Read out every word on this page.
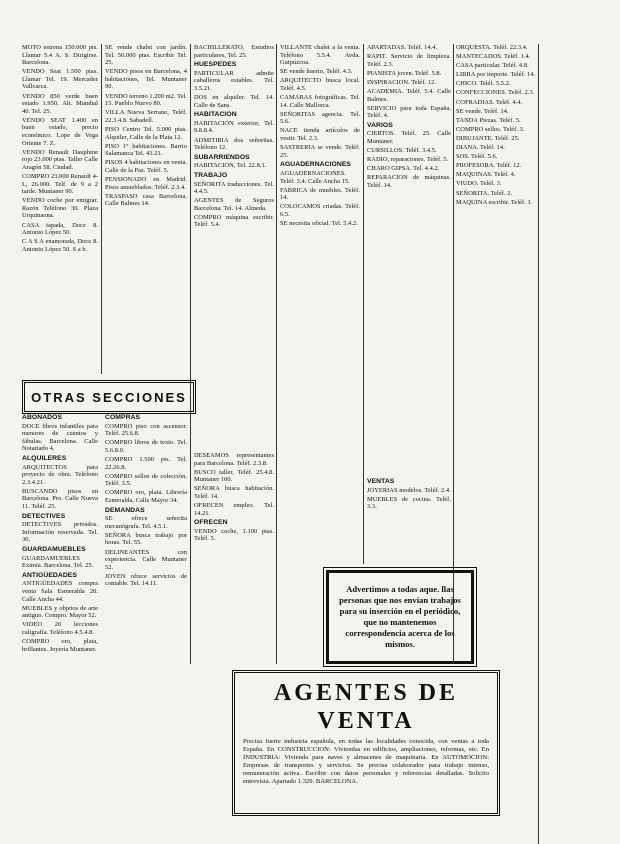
MOTO estrena 150.000 pts. Llamar 5.4 A. S. Dirigirse. Barcelona.

VENDO Seat 1.500 ptas. Llamar Tel. 19. Mercader Vallcarca.

VENDO 850 verde buen estado 1.950. Alt. Mundial 40. Tel. 25.

VENDO SEAT 1.400 en buen estado, precio económico. Lope de Vega Oriente 7. Z.

VENDO Renault Dauphine rojo 23.000 ptas. Taller Calle Aragón 58. Ciudad.

COMPRO 23.000 Renault 4-L, 26.000. Telf. de 9 a 2 tarde. Muntaner 90.

VENDO coche por emigrar. Razón Teléfono 30. Plaza Urquinaona.

CASA tapada, Doce 8. Antonio López 50.

C A S A enamorada, Doce 8. Antonio López 50. S a b.

ABONADOS

DOCE libros infantiles para menores de cuentos y fábulas. Barcelona. Calle Notariado 4.

ALQUILERES

ARQUITECTOS para proyecto de obra. Teléfono 2.3.4.21.

BUSCANDO pisos en Barcelona. Pro. Calle Nueva 11. Teléf. 25.

DETECTIVES

DETECTIVES privados. Información reservada. Tel. 30.

GUARDAMUEBLES

GUARDAMUEBLES Eximia. Barcelona. Tel. 25.

ANTIGÜEDADES

ANTIGÜEDADES compra venta Sala Esmeralda 20. Calle Ancha 44.

MUEBLES y objetos de arte antiguo. Compro. Mayor 52.

VIDEO 20 lecciones caligrafía. Teléfono 4.5.4.8.

COMPRO oro, plata, brillantes. Joyería Muntaner.

SE vende chalet con jardín. Tel. 50.000 ptas. Escribir Tel. 25.

VENDO pisos en Barcelona, 4 habitaciones, Tel. Muntaner 90.

VENDO terreno 1.200 m2. Tel. 15. Pueblo Nuevo 80.

VILLA Nueva Serrano, Teléf. 22.3.4.8. Sabadell.

PISO Centro Tel. 5.000 ptas. Alquiler, Calle de la Plata 12.

PISO 1º habitaciones. Barrio Salamanca Tel. 43.21.

PISOS 4 habitaciones en venta. Calle de la Paz. Teléf. 5.

PENSIONADO en Madrid. Pisos amueblados. Teléf. 2.3.4.

TRASPASO casa Barcelona. Calle Balmes 14.

COMPRAS

COMPRO piso con ascensor. Teléf. 25.6.8.

COMPRO libros de texto. Tel. 5.6.8.0.

COMPRO 1.500 pts. Tel. 22.26.8.

COMPRO sellos de colección. Teléf. 3.5.

COMPRO oro, plata. Librería Esmeralda, Calle Mayor 34.

DEMANDAS

SE ofrece señorita mecanógrafa. Tel. 4.5.1.

SEÑORA busca trabajo por horas. Tel. 55.

DELINEANTES con experiencia. Calle Muntaner 52.

JOVEN ofrece servicios de contable. Tel. 14.11.

BACHILLERATO, Estudios particulares, Tel. 25.

HUESPEDES

PARTICULAR admite caballeros estables. Tel. 3.5.21.

DOS en alquiler. Tel. 14. Calle de Sans.

HABITACION

HABITACION exterior, Tel. 9.8.8.4.

ADMITIRIA dos señoritas. Teléfono 12.

SUBARRIENDOS

HABITACION, Tel. 22.8.1.

TRABAJO

SEÑORITA traducciones. Tel. 4.4.5.

AGENTES de Seguros Barcelona. Tel. 14. Almeda.

COMPRO máquina escribir. Teléf. 5.4.

DESEAMOS representantes para Barcelona. Teléf. 2.3.8.

BUSCO taller, Teléf. 25.4.8. Muntaner 100.

SEÑORA busca habitación. Teléf. 14.

OFRECEN empleo. Tel. 14.21.

OFRECEN

VENDO coche, 1.100 ptas. Teléf. 5.

VILLANTE chalet a la venta. Teléfono 5.5.4. Avda. Guipúzcoa.

SE vende huerto. Teléf. 4.3.

ARQUITECTO busca local. Teléf. 4.5.

CAMARAS fotográficas. Tel. 14. Calle Mallorca.

SEÑORITAS agencia. Tel. 5.6.

NACE tienda artículos de vestir. Tel. 2.3.

SASTRERIA se vende. Teléf. 25.

AGUADERNACIONES

AGUADERNACIONES. Teléf. 3.4. Calle Ancha 15.

FABRICA de muebles. Teléf. 14.

COLOCAMOS criadas. Teléf. 6.5.

SE necesita oficial. Tel. 5.4.2.

APARTADAS. Teléf. 14.4.

RAPIT. Servicio de limpieza. Teléf. 2.3.

PIANISTA joven. Teléf. 5.8.

INSPIRACION. Teléf. 12.

ACADEMIA. Teléf. 5.4. Calle Balmes.

SERVICIO para toda España. Teléf. 4.

VARIOS

CIERTOS. Teléf. 25. Calle Muntaner.

CURSILLOS. Teléf. 3.4.5.

RADIO, reparaciones. Teléf. 5.

CHARO GIPSA. Tel. 4.4.2.

REPARACION de máquinas. Teléf. 14.

VENTAS

JOYERIAS modelos. Teléf. 2.4.

MUEBLES de cocina. Teléf. 3.3.

ORQUESTA. Teléf. 22.3.4.

MANTECADOS. Teléf. 1.4.

CASA particular. Teléf. 4.8.

LIBRA por importe. Teléf. 14.

CHICO. Teléf. 5.5.2.

CONFECCIONES. Teléf. 2.3.

COFRADIAS. Teléf. 4.4.

SE vende. Teléf. 14.

TANDA Piezas. Teléf. 5.

COMPRO sellos. Teléf. 3.

DIBUJANTE. Teléf. 25.

DIANA. Teléf. 14.

SOS. Teléf. 5.6.

PROFESORA. Teléf. 12.

MAQUINAS. Teléf. 4.

VIUDO. Teléf. 3.

SEÑORITA. Teléf. 2.

MAQUINA escribir. Teléf. 1.

OTRAS SECCIONES
Advertimos a todas aque. llas personas que nos envían trabajos para su inserción en el periódico, que no mantenemos correspondencia acerca de los mismos.
AGENTES DE VENTA
Precisa fuerte industria española, en todas las localidades conocida, con ventas a toda España. En CONSTRUCCION: Viviendas en edificios, ampliaciones, reformas, etc. En INDUSTRIA: Vivienda para naves y almacenes de maquinaria. En AUTOMOCION: Empresas de transportes y servicios. Se precisa colaborador para trabajo intenso, remuneración activa. Escribir con datos personales y referencias detalladas. Solicito entrevista. Apartado 1.329. BARCELONA.
